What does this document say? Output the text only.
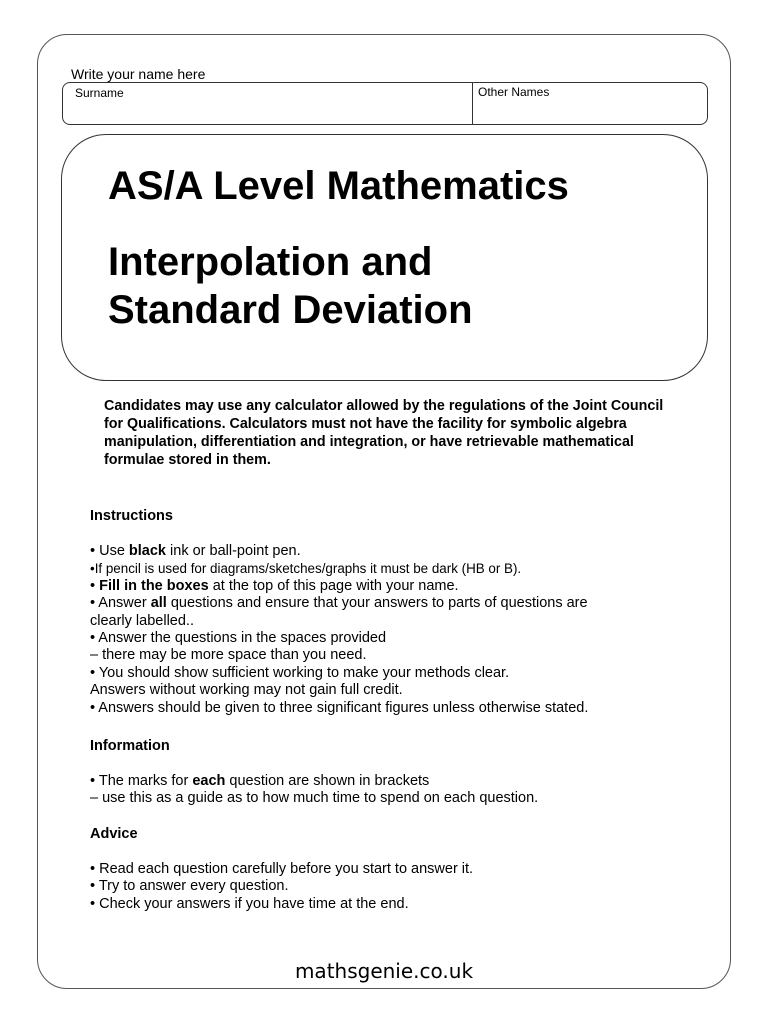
Write your name here
Surname	Other Names
AS/A Level Mathematics
Interpolation and
Standard Deviation

Candidates may use any calculator allowed by the regulations of the Joint Council for Qualifications. Calculators must not have the facility for symbolic algebra manipulation, differentiation and integration, or have retrievable mathematical formulae stored in them.

Instructions
• Use black ink or ball-point pen.
•If pencil is used for diagrams/sketches/graphs it must be dark (HB or B).
• Fill in the boxes at the top of this page with your name.
• Answer all questions and ensure that your answers to parts of questions are
clearly labelled..
• Answer the questions in the spaces provided
– there may be more space than you need.
• You should show sufficient working to make your methods clear.
Answers without working may not gain full credit.
• Answers should be given to three significant figures unless otherwise stated.
Information
• The marks for each question are shown in brackets
– use this as a guide as to how much time to spend on each question.
Advice
• Read each question carefully before you start to answer it.
• Try to answer every question.
• Check your answers if you have time at the end.
mathsgenie.co.uk
